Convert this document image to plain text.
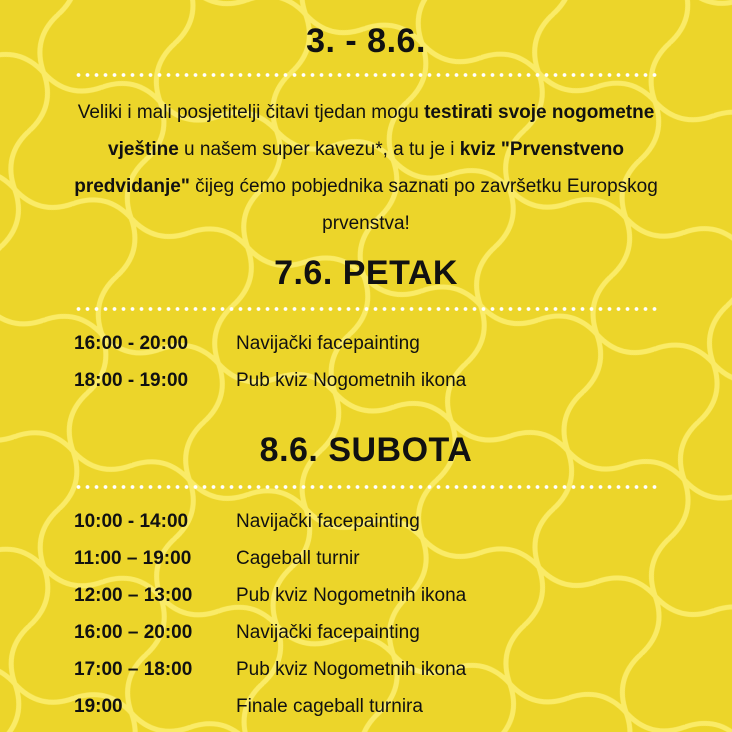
3. - 8.6.
Veliki i mali posjetitelji čitavi tjedan mogu testirati svoje nogometne vještine u našem super kavezu*, a tu je i kviz "Prvenstveno predvidanje" čijeg ćemo pobjednika saznati po završetku Europskog prvenstva!
7.6. PETAK
16:00 - 20:00	Navijački facepainting
18:00 - 19:00	Pub kviz Nogometnih ikona
8.6. SUBOTA
10:00 - 14:00	Navijački facepainting
11:00 – 19:00 Cageball turnir
12:00 – 13:00 Pub kviz Nogometnih ikona
16:00 – 20:00 Navijački facepainting
17:00 – 18:00 Pub kviz Nogometnih ikona
19:00	Finale cageball turnira
